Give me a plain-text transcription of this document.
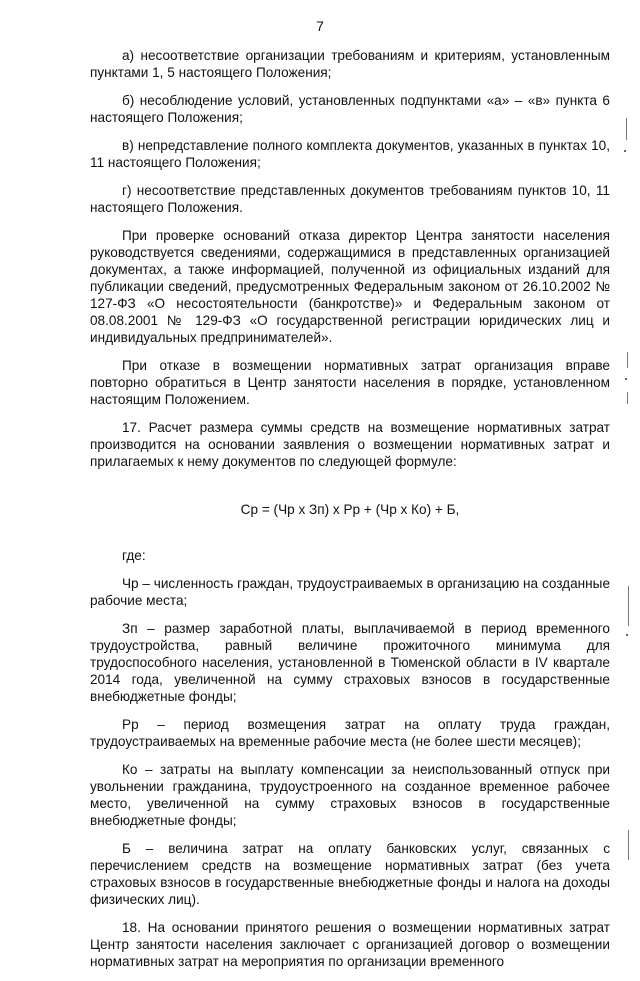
7

а) несоответствие организации требованиям и критериям, установленным пунктами 1, 5 настоящего Положения;

б) несоблюдение условий, установленных подпунктами «а» – «в» пункта 6 настоящего Положения;

в) непредставление полного комплекта документов, указанных в пунктах 10, 11 настоящего Положения;

г) несоответствие представленных документов требованиям пунктов 10, 11 настоящего Положения.

При проверке оснований отказа директор Центра занятости населения руководствуется сведениями, содержащимися в представленных организацией документах, а также информацией, полученной из официальных изданий для публикации сведений, предусмотренных Федеральным законом от 26.10.2002 № 127-ФЗ «О несостоятельности (банкротстве)» и Федеральным законом от 08.08.2001 № 129-ФЗ «О государственной регистрации юридических лиц и индивидуальных предпринимателей».

При отказе в возмещении нормативных затрат организация вправе повторно обратиться в Центр занятости населения в порядке, установленном настоящим Положением.

17. Расчет размера суммы средств на возмещение нормативных затрат производится на основании заявления о возмещении нормативных затрат и прилагаемых к нему документов по следующей формуле:

Ср = (Чр х Зп) х Рр + (Чр х Ко) + Б,

где:

Чр – численность граждан, трудоустраиваемых в организацию на созданные рабочие места;

Зп – размер заработной платы, выплачиваемой в период временного трудоустройства, равный величине прожиточного минимума для трудоспособного населения, установленной в Тюменской области в IV квартале 2014 года, увеличенной на сумму страховых взносов в государственные внебюджетные фонды;

Рр – период возмещения затрат на оплату труда граждан, трудоустраиваемых на временные рабочие места (не более шести месяцев);

Ко – затраты на выплату компенсации за неиспользованный отпуск при увольнении гражданина, трудоустроенного на созданное временное рабочее место, увеличенной на сумму страховых взносов в государственные внебюджетные фонды;

Б – величина затрат на оплату банковских услуг, связанных с перечислением средств на возмещение нормативных затрат (без учета страховых взносов в государственные внебюджетные фонды и налога на доходы физических лиц).

18. На основании принятого решения о возмещении нормативных затрат Центр занятости населения заключает с организацией договор о возмещении нормативных затрат на мероприятия по организации временного
